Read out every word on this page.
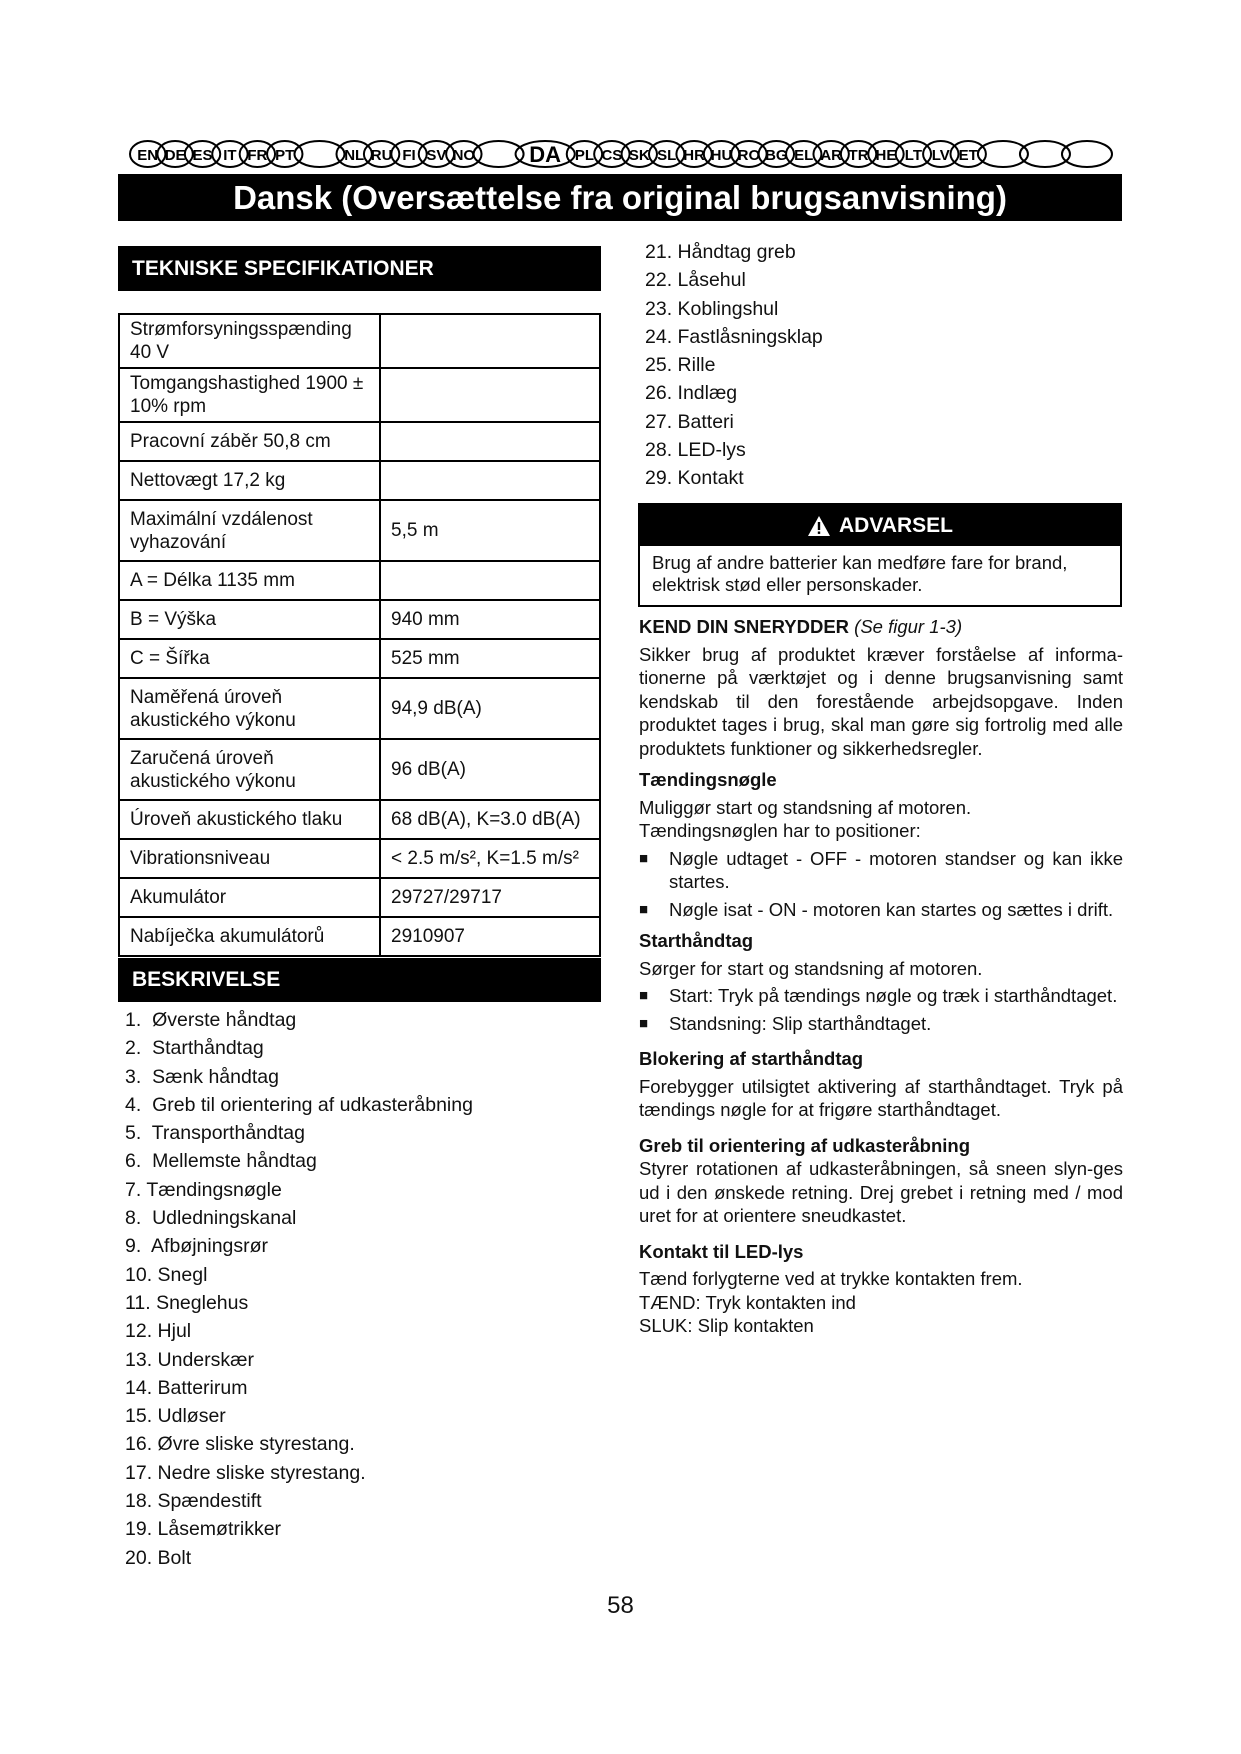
EN DE ES IT FR PT	NL RU FI SV NO DA PL CS SK SL HR HU RO BG EL AR TR HE LT LV ET
Dansk (Oversættelse fra original brugsanvisning)
TEKNISKE SPECIFIKATIONER
Strømforsyningsspænding 40 V	
Tomgangshastighed 1900 ± 10% rpm	
Pracovní záběr 50,8 cm	
Nettovægt 17,2 kg	
Maximální vzdálenost vyhazování	5,5 m
A = Délka 1135 mm	
B = Výška	940 mm
C = Šířka	525 mm
Naměřená úroveň akustického výkonu	94,9 dB(A)
Zaručená úroveň akustického výkonu	96 dB(A)
Úroveň akustického tlaku	68 dB(A), K=3.0 dB(A)
Vibrationsniveau	< 2.5 m/s², K=1.5 m/s²
Akumulátor	29727/29717
Nabíječka akumulátorů	2910907
BESKRIVELSE
1.  Øverste håndtag
2.  Starthåndtag
3.  Sænk håndtag
4.  Greb til orientering af udkasteråbning
5.  Transporthåndtag
6.  Mellemste håndtag
7. Tændingsnøgle
8.  Udledningskanal
9.  Afbøjningsrør
10. Snegl
11. Sneglehus
12. Hjul
13. Underskær
14. Batterirum
15. Udløser
16. Øvre sliske styrestang.
17. Nedre sliske styrestang.
18. Spændestift
19. Låsemøtrikker
20. Bolt
21. Håndtag greb
22. Låsehul
23. Koblingshul
24. Fastlåsningsklap
25. Rille
26. Indlæg
27. Batteri
28. LED-lys
29. Kontakt
ADVARSEL
Brug af andre batterier kan medføre fare for brand, elektrisk stød eller personskader.

KEND DIN SNERYDDER (Se figur 1-3)

Sikker brug af produktet kræver forståelse af informa-tionerne på værktøjet og i denne brugsanvisning samt kendskab til den forestående arbejdsopgave. Inden produktet tages i brug, skal man gøre sig fortrolig med alle produktets funktioner og sikkerhedsregler.

Tændingsnøgle

Muliggør start og standsning af motoren.

Tændingsnøglen har to positioner:

■	Nøgle udtaget - OFF - motoren standser og kan ikke startes.
■	Nøgle isat - ON - motoren kan startes og sættes i drift.
Starthåndtag

Sørger for start og standsning af motoren.

■	Start: Tryk på tændings nøgle og træk i starthåndtaget.
■	Standsning: Slip starthåndtaget.
Blokering af starthåndtag

Forebygger utilsigtet aktivering af starthåndtaget. Tryk på tændings nøgle for at frigøre starthåndtaget.

Greb til orientering af udkasteråbning

Styrer rotationen af udkasteråbningen, så sneen slyn-ges ud i den ønskede retning. Drej grebet i retning med / mod uret for at orientere sneudkastet.

Kontakt til LED-lys

Tænd forlygterne ved at trykke kontakten frem.

TÆND: Tryk kontakten ind

SLUK: Slip kontakten

58
